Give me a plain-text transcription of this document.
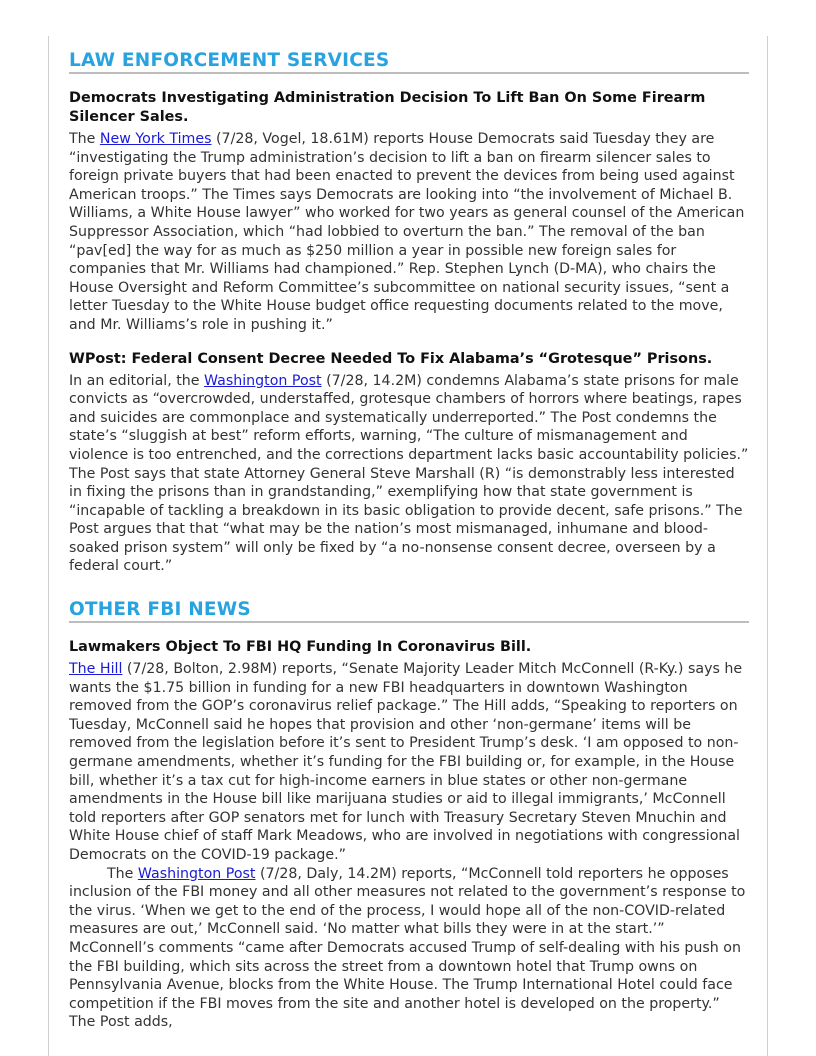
LAW ENFORCEMENT SERVICES
Democrats Investigating Administration Decision To Lift Ban On Some Firearm Silencer Sales.

The New York Times (7/28, Vogel, 18.61M) reports House Democrats said Tuesday they are “investigating the Trump administration’s decision to lift a ban on firearm silencer sales to foreign private buyers that had been enacted to prevent the devices from being used against American troops.” The Times says Democrats are looking into “the involvement of Michael B. Williams, a White House lawyer” who worked for two years as general counsel of the American Suppressor Association, which “had lobbied to overturn the ban.” The removal of the ban “pav[ed] the way for as much as $250 million a year in possible new foreign sales for companies that Mr. Williams had championed.” Rep. Stephen Lynch (D-MA), who chairs the House Oversight and Reform Committee’s subcommittee on national security issues, “sent a letter Tuesday to the White House budget office requesting documents related to the move, and Mr. Williams’s role in pushing it.”

WPost: Federal Consent Decree Needed To Fix Alabama’s “Grotesque” Prisons.

In an editorial, the Washington Post (7/28, 14.2M) condemns Alabama’s state prisons for male convicts as “overcrowded, understaffed, grotesque chambers of horrors where beatings, rapes and suicides are commonplace and systematically underreported.” The Post condemns the state’s “sluggish at best” reform efforts, warning, “The culture of mismanagement and violence is too entrenched, and the corrections department lacks basic accountability policies.” The Post says that state Attorney General Steve Marshall (R) “is demonstrably less interested in fixing the prisons than in grandstanding,” exemplifying how that state government is “incapable of tackling a breakdown in its basic obligation to provide decent, safe prisons.” The Post argues that that “what may be the nation’s most mismanaged, inhumane and blood-soaked prison system” will only be fixed by “a no-nonsense consent decree, overseen by a federal court.”

OTHER FBI NEWS
Lawmakers Object To FBI HQ Funding In Coronavirus Bill.

The Hill (7/28, Bolton, 2.98M) reports, “Senate Majority Leader Mitch McConnell (R-Ky.) says he wants the $1.75 billion in funding for a new FBI headquarters in downtown Washington removed from the GOP’s coronavirus relief package.” The Hill adds, “Speaking to reporters on Tuesday, McConnell said he hopes that provision and other ‘non-germane’ items will be removed from the legislation before it’s sent to President Trump’s desk. ‘I am opposed to non-germane amendments, whether it’s funding for the FBI building or, for example, in the House bill, whether it’s a tax cut for high-income earners in blue states or other non-germane amendments in the House bill like marijuana studies or aid to illegal immigrants,’ McConnell told reporters after GOP senators met for lunch with Treasury Secretary Steven Mnuchin and White House chief of staff Mark Meadows, who are involved in negotiations with congressional Democrats on the COVID-19 package.”

The Washington Post (7/28, Daly, 14.2M) reports, “McConnell told reporters he opposes inclusion of the FBI money and all other measures not related to the government’s response to the virus. ‘When we get to the end of the process, I would hope all of the non-COVID-related measures are out,’ McConnell said. ‘No matter what bills they were in at the start.’” McConnell’s comments “came after Democrats accused Trump of self-dealing with his push on the FBI building, which sits across the street from a downtown hotel that Trump owns on Pennsylvania Avenue, blocks from the White House. The Trump International Hotel could face competition if the FBI moves from the site and another hotel is developed on the property.” The Post adds,
